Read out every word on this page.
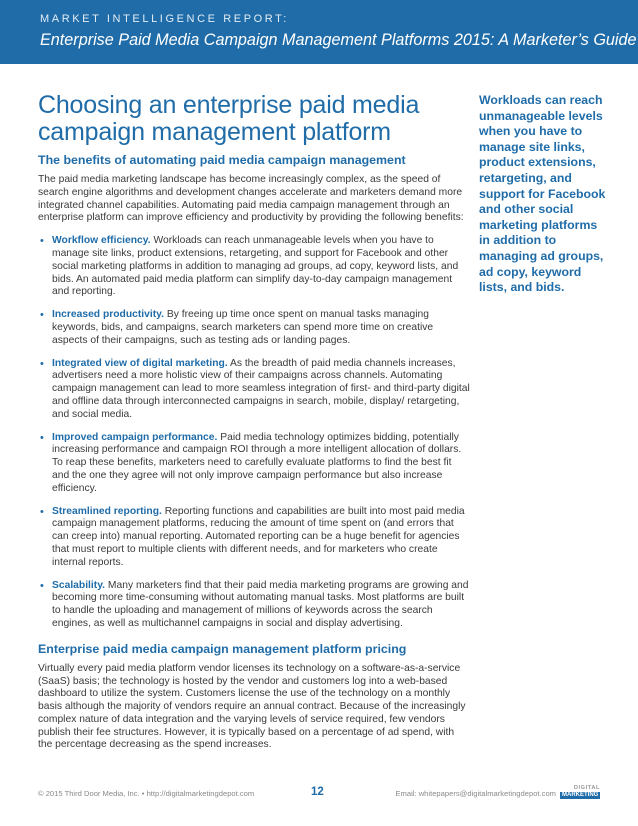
MARKET INTELLIGENCE REPORT:
Enterprise Paid Media Campaign Management Platforms 2015: A Marketer’s Guide
Choosing an enterprise paid media campaign management platform
The benefits of automating paid media campaign management

The paid media marketing landscape has become increasingly complex, as the speed of search engine algorithms and development changes accelerate and marketers demand more integrated channel capabilities. Automating paid media campaign management through an enterprise platform can improve efficiency and productivity by providing the following benefits:

• Workflow efficiency. Workloads can reach unmanageable levels when you have to manage site links, product extensions, retargeting, and support for Facebook and other social marketing platforms in addition to managing ad groups, ad copy, keyword lists, and bids. An automated paid media platform can simplify day-to-day campaign management and reporting.
• Increased productivity. By freeing up time once spent on manual tasks managing keywords, bids, and campaigns, search marketers can spend more time on creative aspects of their campaigns, such as testing ads or landing pages.
• Integrated view of digital marketing. As the breadth of paid media channels increases, advertisers need a more holistic view of their campaigns across channels. Automating campaign management can lead to more seamless integration of first- and third-party digital and offline data through interconnected campaigns in search, mobile, display/ retargeting, and social media.
• Improved campaign performance. Paid media technology optimizes bidding, potentially increasing performance and campaign ROI through a more intelligent allocation of dollars. To reap these benefits, marketers need to carefully evaluate platforms to find the best fit and the one they agree will not only improve campaign performance but also increase efficiency.
• Streamlined reporting. Reporting functions and capabilities are built into most paid media campaign management platforms, reducing the amount of time spent on (and errors that can creep into) manual reporting. Automated reporting can be a huge benefit for agencies that must report to multiple clients with different needs, and for marketers who create internal reports.
• Scalability. Many marketers find that their paid media marketing programs are growing and becoming more time-consuming without automating manual tasks. Most platforms are built to handle the uploading and management of millions of keywords across the search engines, as well as multichannel campaigns in social and display advertising.
Enterprise paid media campaign management platform pricing

Virtually every paid media platform vendor licenses its technology on a software-as-a-service (SaaS) basis; the technology is hosted by the vendor and customers log into a web-based dashboard to utilize the system. Customers license the use of the technology on a monthly basis although the majority of vendors require an annual contract. Because of the increasingly complex nature of data integration and the varying levels of service required, few vendors publish their fee structures. However, it is typically based on a percentage of ad spend, with the percentage decreasing as the spend increases.

Workloads can reach unmanageable levels when you have to manage site links, product extensions, retargeting, and support for Facebook and other social marketing platforms in addition to managing ad groups, ad copy, keyword lists, and bids.
© 2015 Third Door Media, Inc. • http://digitalmarketingdepot.com	12	Email: whitepapers@digitalmarketingdepot.com
DIGITAL
MARKETING
